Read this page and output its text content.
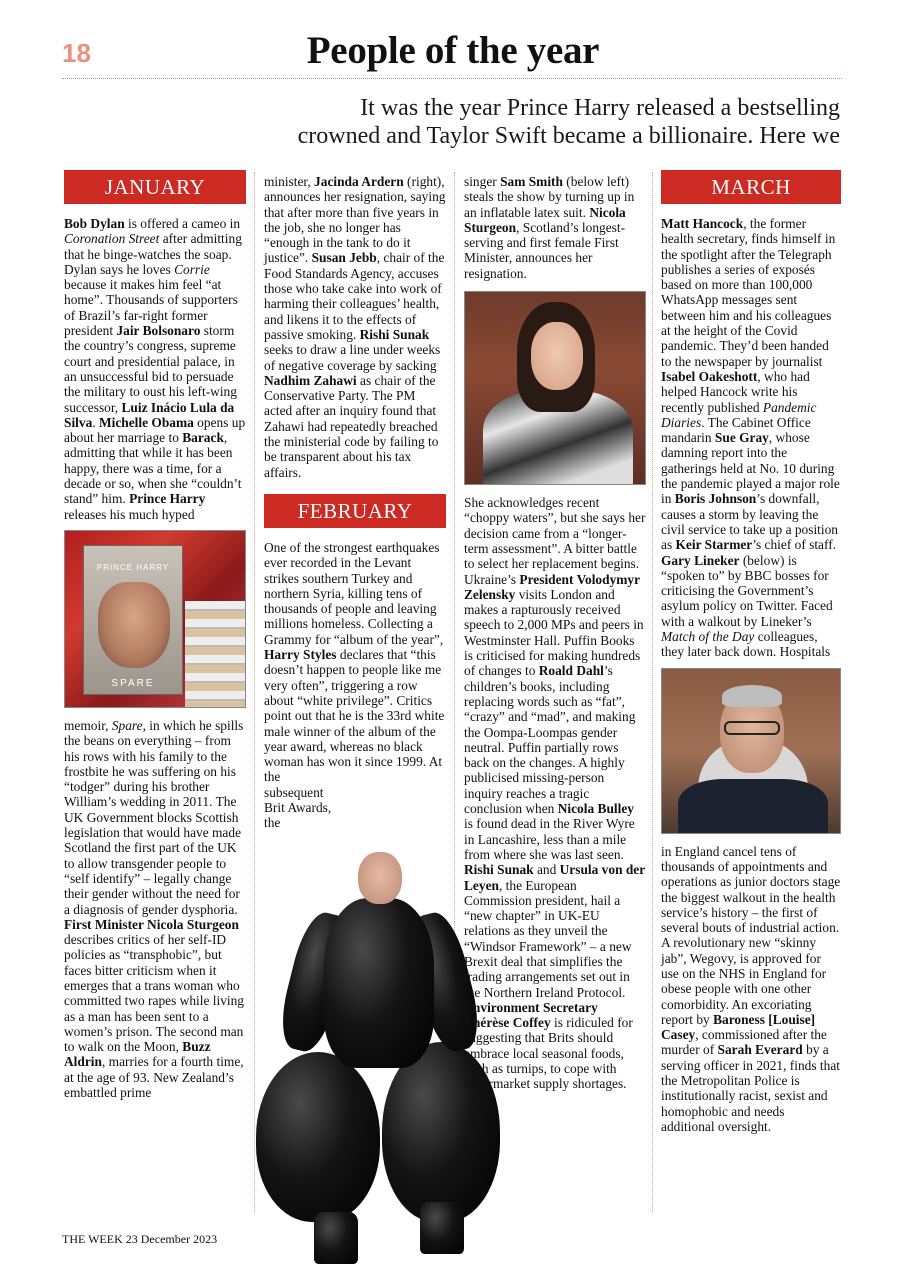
18	People of the year
It was the year Prince Harry released a bestselling
crowned and Taylor Swift became a billionaire. Here we
JANUARY

Bob Dylan is offered a cameo in Coronation Street after admitting that he binge-watches the soap. Dylan says he loves Corrie because it makes him feel “at home”. Thousands of supporters of Brazil’s far-right former president Jair Bolsonaro storm the country’s congress, supreme court and presidential palace, in an unsuccessful bid to persuade the military to oust his left-wing successor, Luiz Inácio Lula da Silva. Michelle Obama opens up about her marriage to Barack, admitting that while it has been happy, there was a time, for a decade or so, when she “couldn’t stand” him. Prince Harry releases his much hyped

PRINCE HARRY
SPARE

memoir, Spare, in which he spills the beans on everything – from his rows with his family to the frostbite he was suffering on his “todger” during his brother William’s wedding in 2011. The UK Government blocks Scottish legislation that would have made Scotland the first part of the UK to allow transgender people to “self identify” – legally change their gender without the need for a diagnosis of gender dysphoria. First Minister Nicola Sturgeon describes critics of her self-ID policies as “transphobic”, but faces bitter criticism when it emerges that a trans woman who committed two rapes while living as a man has been sent to a women’s prison. The second man to walk on the Moon, Buzz Aldrin, marries for a fourth time, at the age of 93. New Zealand’s embattled prime

minister, Jacinda Ardern (right), announces her resignation, saying that after more than five years in the job, she no longer has “enough in the tank to do it justice”. Susan Jebb, chair of the Food Standards Agency, accuses those who take cake into work of harming their colleagues’ health, and likens it to the effects of passive smoking. Rishi Sunak seeks to draw a line under weeks of negative coverage by sacking Nadhim Zahawi as chair of the Conservative Party. The PM acted after an inquiry found that Zahawi had repeatedly breached the ministerial code by failing to be transparent about his tax affairs.

FEBRUARY

One of the strongest earthquakes ever recorded in the Levant strikes southern Turkey and northern Syria, killing tens of thousands of people and leaving millions homeless. Collecting a Grammy for “album of the year”, Harry Styles declares that “this doesn’t happen to people like me very often”, triggering a row about “white privilege”. Critics point out that he is the 33rd white male winner of the album of the year award, whereas no black woman has won it since 1999. At the
subsequent
Brit Awards,
the

singer Sam Smith (below left) steals the show by turning up in an inflatable latex suit. Nicola Sturgeon, Scotland’s longest-serving and first female First Minister, announces her resignation.

She acknowledges recent “choppy waters”, but she says her decision came from a “longer-term assessment”. A bitter battle to select her replacement begins. Ukraine’s President Volodymyr Zelensky visits London and makes a rapturously received speech to 2,000 MPs and peers in Westminster Hall. Puffin Books is criticised for making hundreds of changes to Roald Dahl’s children’s books, including replacing words such as “fat”, “crazy” and “mad”, and making the Oompa-Loompas gender neutral. Puffin partially rows back on the changes. A highly publicised missing-person inquiry reaches a tragic conclusion when Nicola Bulley is found dead in the River Wyre in Lancashire, less than a mile from where she was last seen. Rishi Sunak and Ursula von der Leyen, the European Commission president, hail a “new chapter” in UK-EU relations as they unveil the “Windsor Framework” – a new Brexit deal that simplifies the trading arrangements set out in the Northern Ireland Protocol. Environment Secretary Thérèse Coffey is ridiculed for suggesting that Brits should embrace local seasonal foods, such as turnips, to cope with supermarket supply shortages.

MARCH

Matt Hancock, the former health secretary, finds himself in the spotlight after the Telegraph publishes a series of exposés based on more than 100,000 WhatsApp messages sent between him and his colleagues at the height of the Covid pandemic. They’d been handed to the newspaper by journalist Isabel Oakeshott, who had helped Hancock write his recently published Pandemic Diaries. The Cabinet Office mandarin Sue Gray, whose damning report into the gatherings held at No. 10 during the pandemic played a major role in Boris Johnson’s downfall, causes a storm by leaving the civil service to take up a position as Keir Starmer’s chief of staff. Gary Lineker (below) is “spoken to” by BBC bosses for criticising the Government’s asylum policy on Twitter. Faced with a walkout by Lineker’s Match of the Day colleagues, they later back down. Hospitals

in England cancel tens of thousands of appointments and operations as junior doctors stage the biggest walkout in the health service’s history – the first of several bouts of industrial action. A revolutionary new “skinny jab”, Wegovy, is approved for use on the NHS in England for obese people with one other comorbidity. An excoriating report by Baroness [Louise] Casey, commissioned after the murder of Sarah Everard by a serving officer in 2021, finds that the Metropolitan Police is institutionally racist, sexist and homophobic and needs additional oversight.

THE WEEK 23 December 2023
